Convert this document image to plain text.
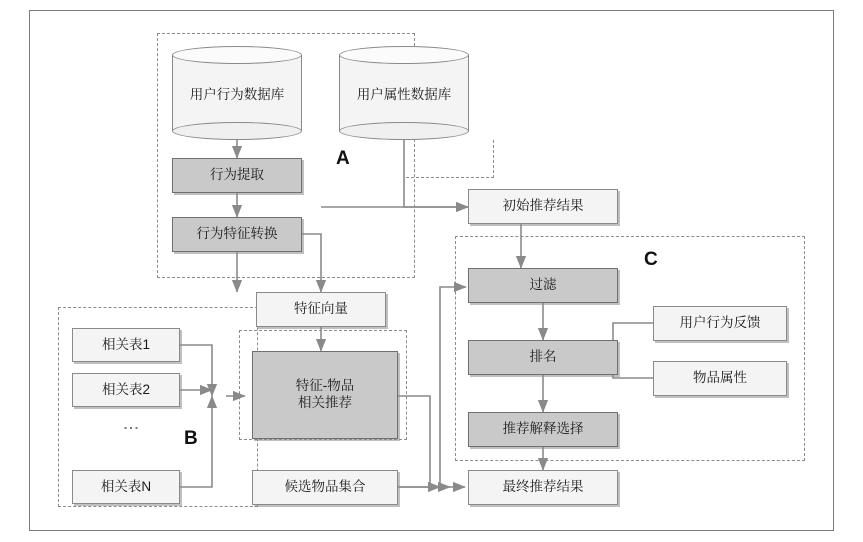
A
B
C
用户行为数据库	用户属性数据库
行为提取
行为特征转换
特征向量
相关表1
相关表2
⋮
相关表N
特征-物品
相关推荐
候选物品集合
初始推荐结果
过滤
排名
推荐解释选择
最终推荐结果
用户行为反馈
物品属性
